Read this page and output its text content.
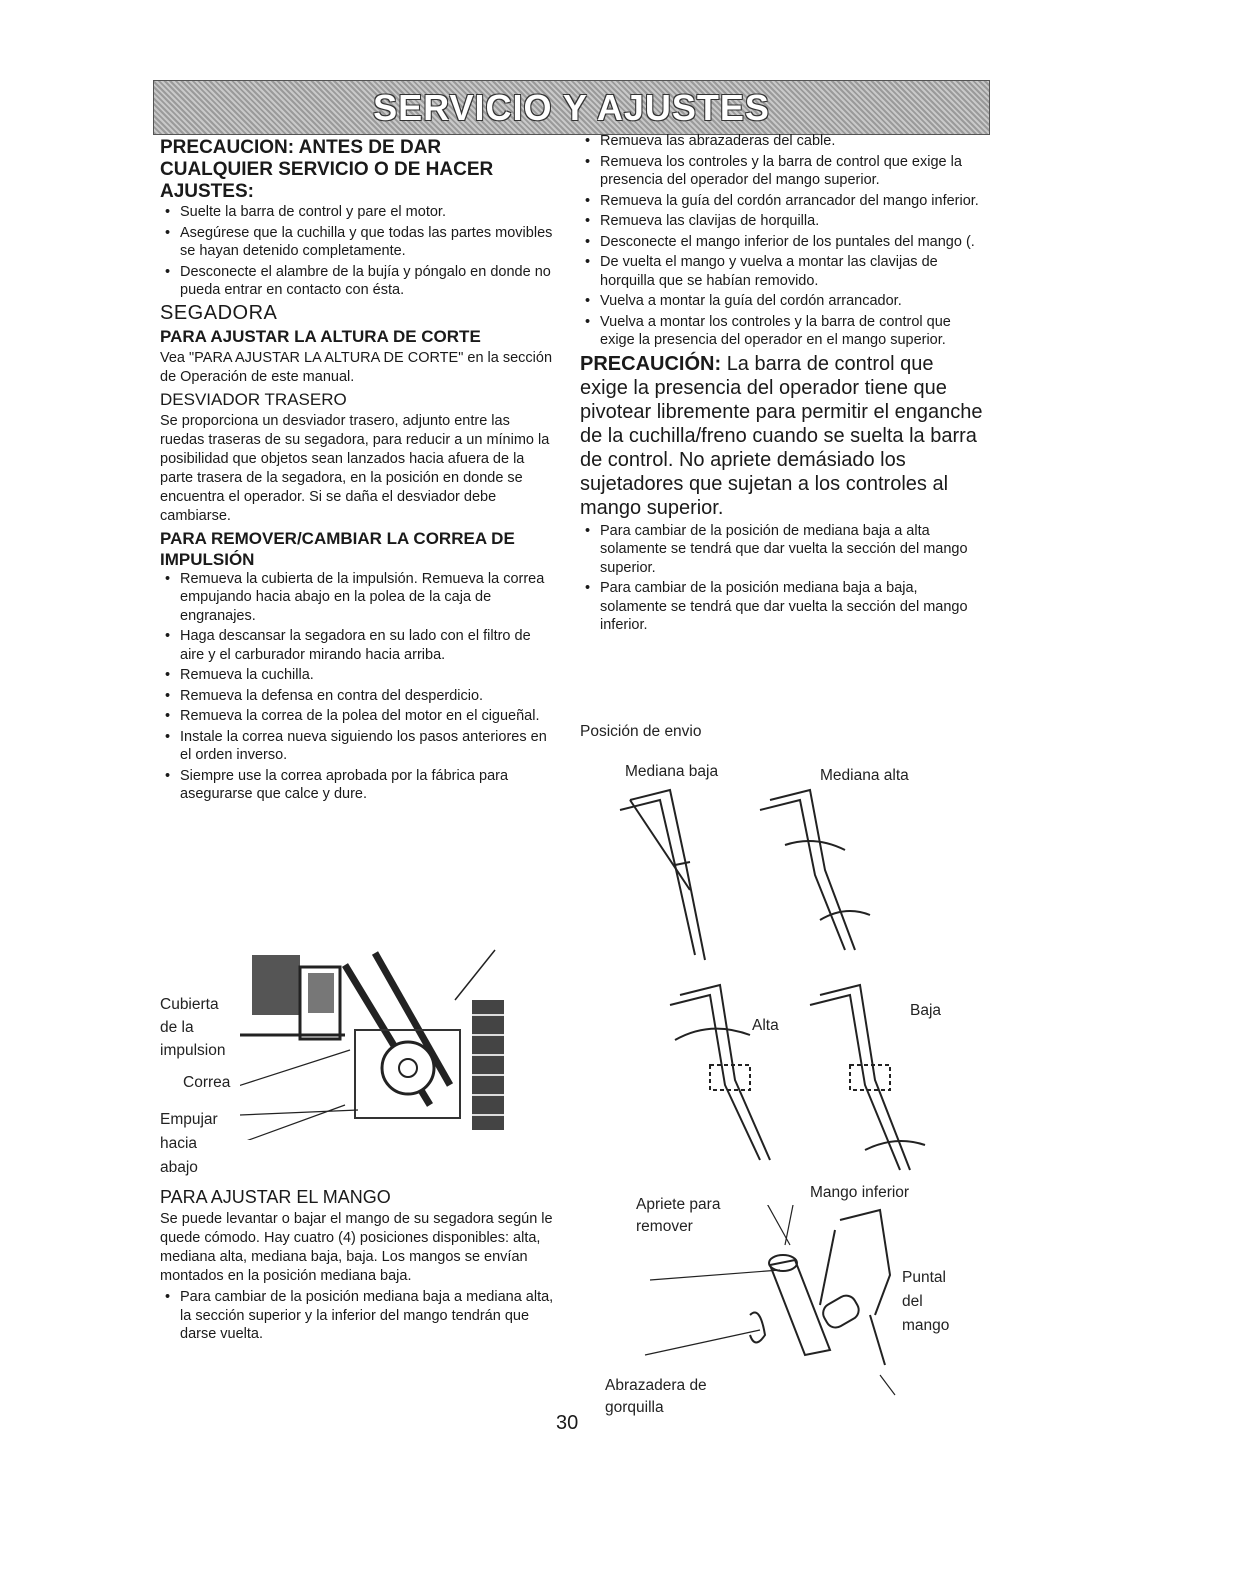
SERVICIO Y AJUSTES
PRECAUCION: ANTES DE DAR CUALQUIER SERVICIO O DE HACER AJUSTES:
• Suelte la barra de control y pare el motor.
• Asegúrese que la cuchilla y que todas las partes movibles se hayan detenido completamente.
• Desconecte el alambre de la bujía y póngalo en donde no pueda entrar en contacto con ésta.
SEGADORA
PARA AJUSTAR LA ALTURA DE CORTE

Vea "PARA AJUSTAR LA ALTURA DE CORTE" en la sección de Operación de este manual.

DESVIADOR TRASERO

Se proporciona un desviador trasero, adjunto entre las ruedas traseras de su segadora, para reducir a un mínimo la posibilidad que objetos sean lanzados hacia afuera de la parte trasera de la segadora, en la posición en donde se encuentra el operador. Si se daña el desviador debe cambiarse.

PARA REMOVER/CAMBIAR LA CORREA DE
IMPULSIÓN
• Remueva la cubierta de la impulsión. Remueva la correa empujando hacia abajo en la polea de la caja de engranajes.
• Haga descansar la segadora en su lado con el filtro de aire y el carburador mirando hacia arriba.
• Remueva la cuchilla.
• Remueva la defensa en contra del desperdicio.
• Remueva la correa de la polea del motor en el cigueñal.
• Instale la correa nueva siguiendo los pasos anteriores en el orden inverso.
• Siempre use la correa aprobada por la fábrica para asegurarse que calce y dure.
Cubierta
de la
impulsion
Correa
Empujar
hacia
abajo
PARA AJUSTAR EL MANGO

Se puede levantar o bajar el mango de su segadora según le quede cómodo. Hay cuatro (4) posiciones disponibles: alta, mediana alta, mediana baja, baja. Los mangos se envían montados en la posición mediana baja.

• Para cambiar de la posición mediana baja a mediana alta, la sección superior y la inferior del mango tendrán que darse vuelta.
• Remueva las abrazaderas del cable.
• Remueva los controles y la barra de control que exige la presencia del operador del mango superior.
• Remueva la guía del cordón arrancador del mango inferior.
• Remueva las clavijas de horquilla.
• Desconecte el mango inferior de los puntales del mango (.
• De vuelta el mango y vuelva a montar las clavijas de horquilla que se habían removido.
• Vuelva a montar la guía del cordón arrancador.
• Vuelva a montar los controles y la barra de control que exige la presencia del operador en el mango superior.
PRECAUCIÓN: La barra de control que exige la presencia del operador tiene que pivotear libremente para permitir el enganche de la cuchilla/freno cuando se suelta la barra de control. No apriete demásiado los sujetadores que sujetan a los controles al mango superior.
• Para cambiar de la posición de mediana baja a alta solamente se tendrá que dar vuelta la sección del mango superior.
• Para cambiar de la posición mediana baja a baja, solamente se tendrá que dar vuelta la sección del mango inferior.
Posición de envio
Mediana baja	Mediana alta
Alta
Baja
Apriete para
remover
Mango inferior
Puntal
del
mango
Abrazadera de
gorquilla
30
